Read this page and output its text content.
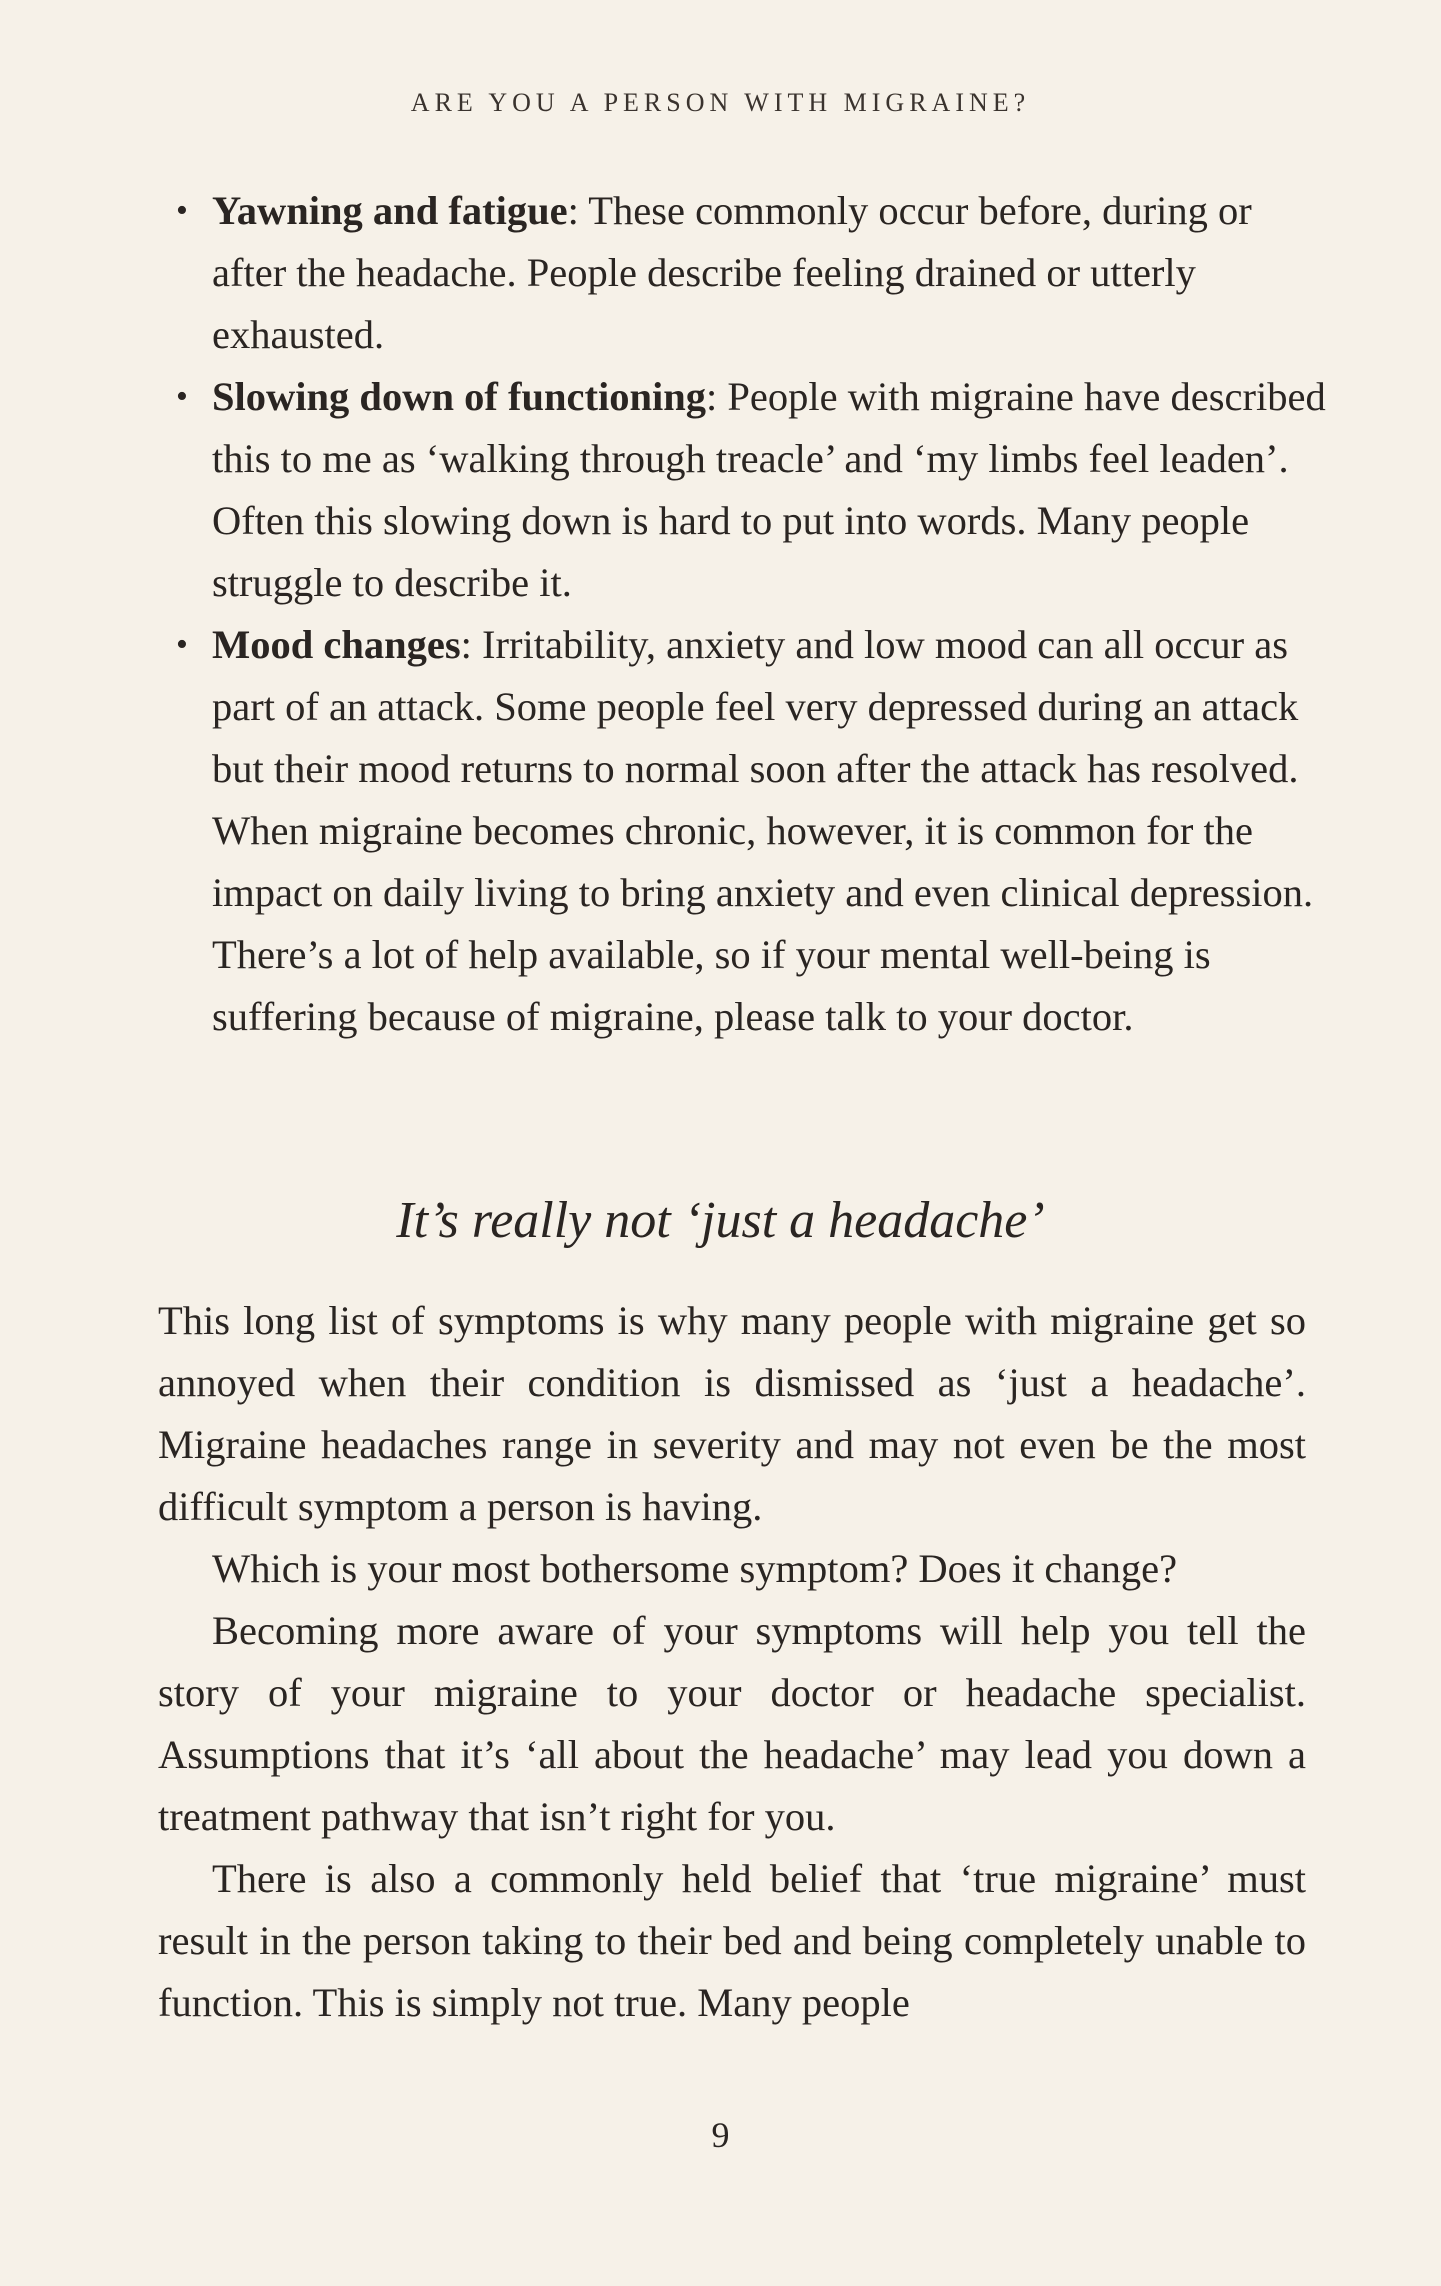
ARE YOU A PERSON WITH MIGRAINE?
• Yawning and fatigue: These commonly occur before, during or after the headache. People describe feeling drained or utterly exhausted.
• Slowing down of functioning: People with migraine have described this to me as ‘walking through treacle’ and ‘my limbs feel leaden’. Often this slowing down is hard to put into words. Many people struggle to describe it.
• Mood changes: Irritability, anxiety and low mood can all occur as part of an attack. Some people feel very depressed during an attack but their mood returns to normal soon after the attack has resolved. When migraine becomes chronic, however, it is common for the impact on daily living to bring anxiety and even clinical depression. There’s a lot of help available, so if your mental well-being is suffering because of migraine, please talk to your doctor.
It’s really not ‘just a headache’

This long list of symptoms is why many people with migraine get so annoyed when their condition is dismissed as ‘just a headache’. Migraine headaches range in severity and may not even be the most difficult symptom a person is having.

Which is your most bothersome symptom? Does it change?

Becoming more aware of your symptoms will help you tell the story of your migraine to your doctor or headache specialist. Assumptions that it’s ‘all about the headache’ may lead you down a treatment pathway that isn’t right for you.

There is also a commonly held belief that ‘true migraine’ must result in the person taking to their bed and being completely unable to function. This is simply not true. Many people

9
